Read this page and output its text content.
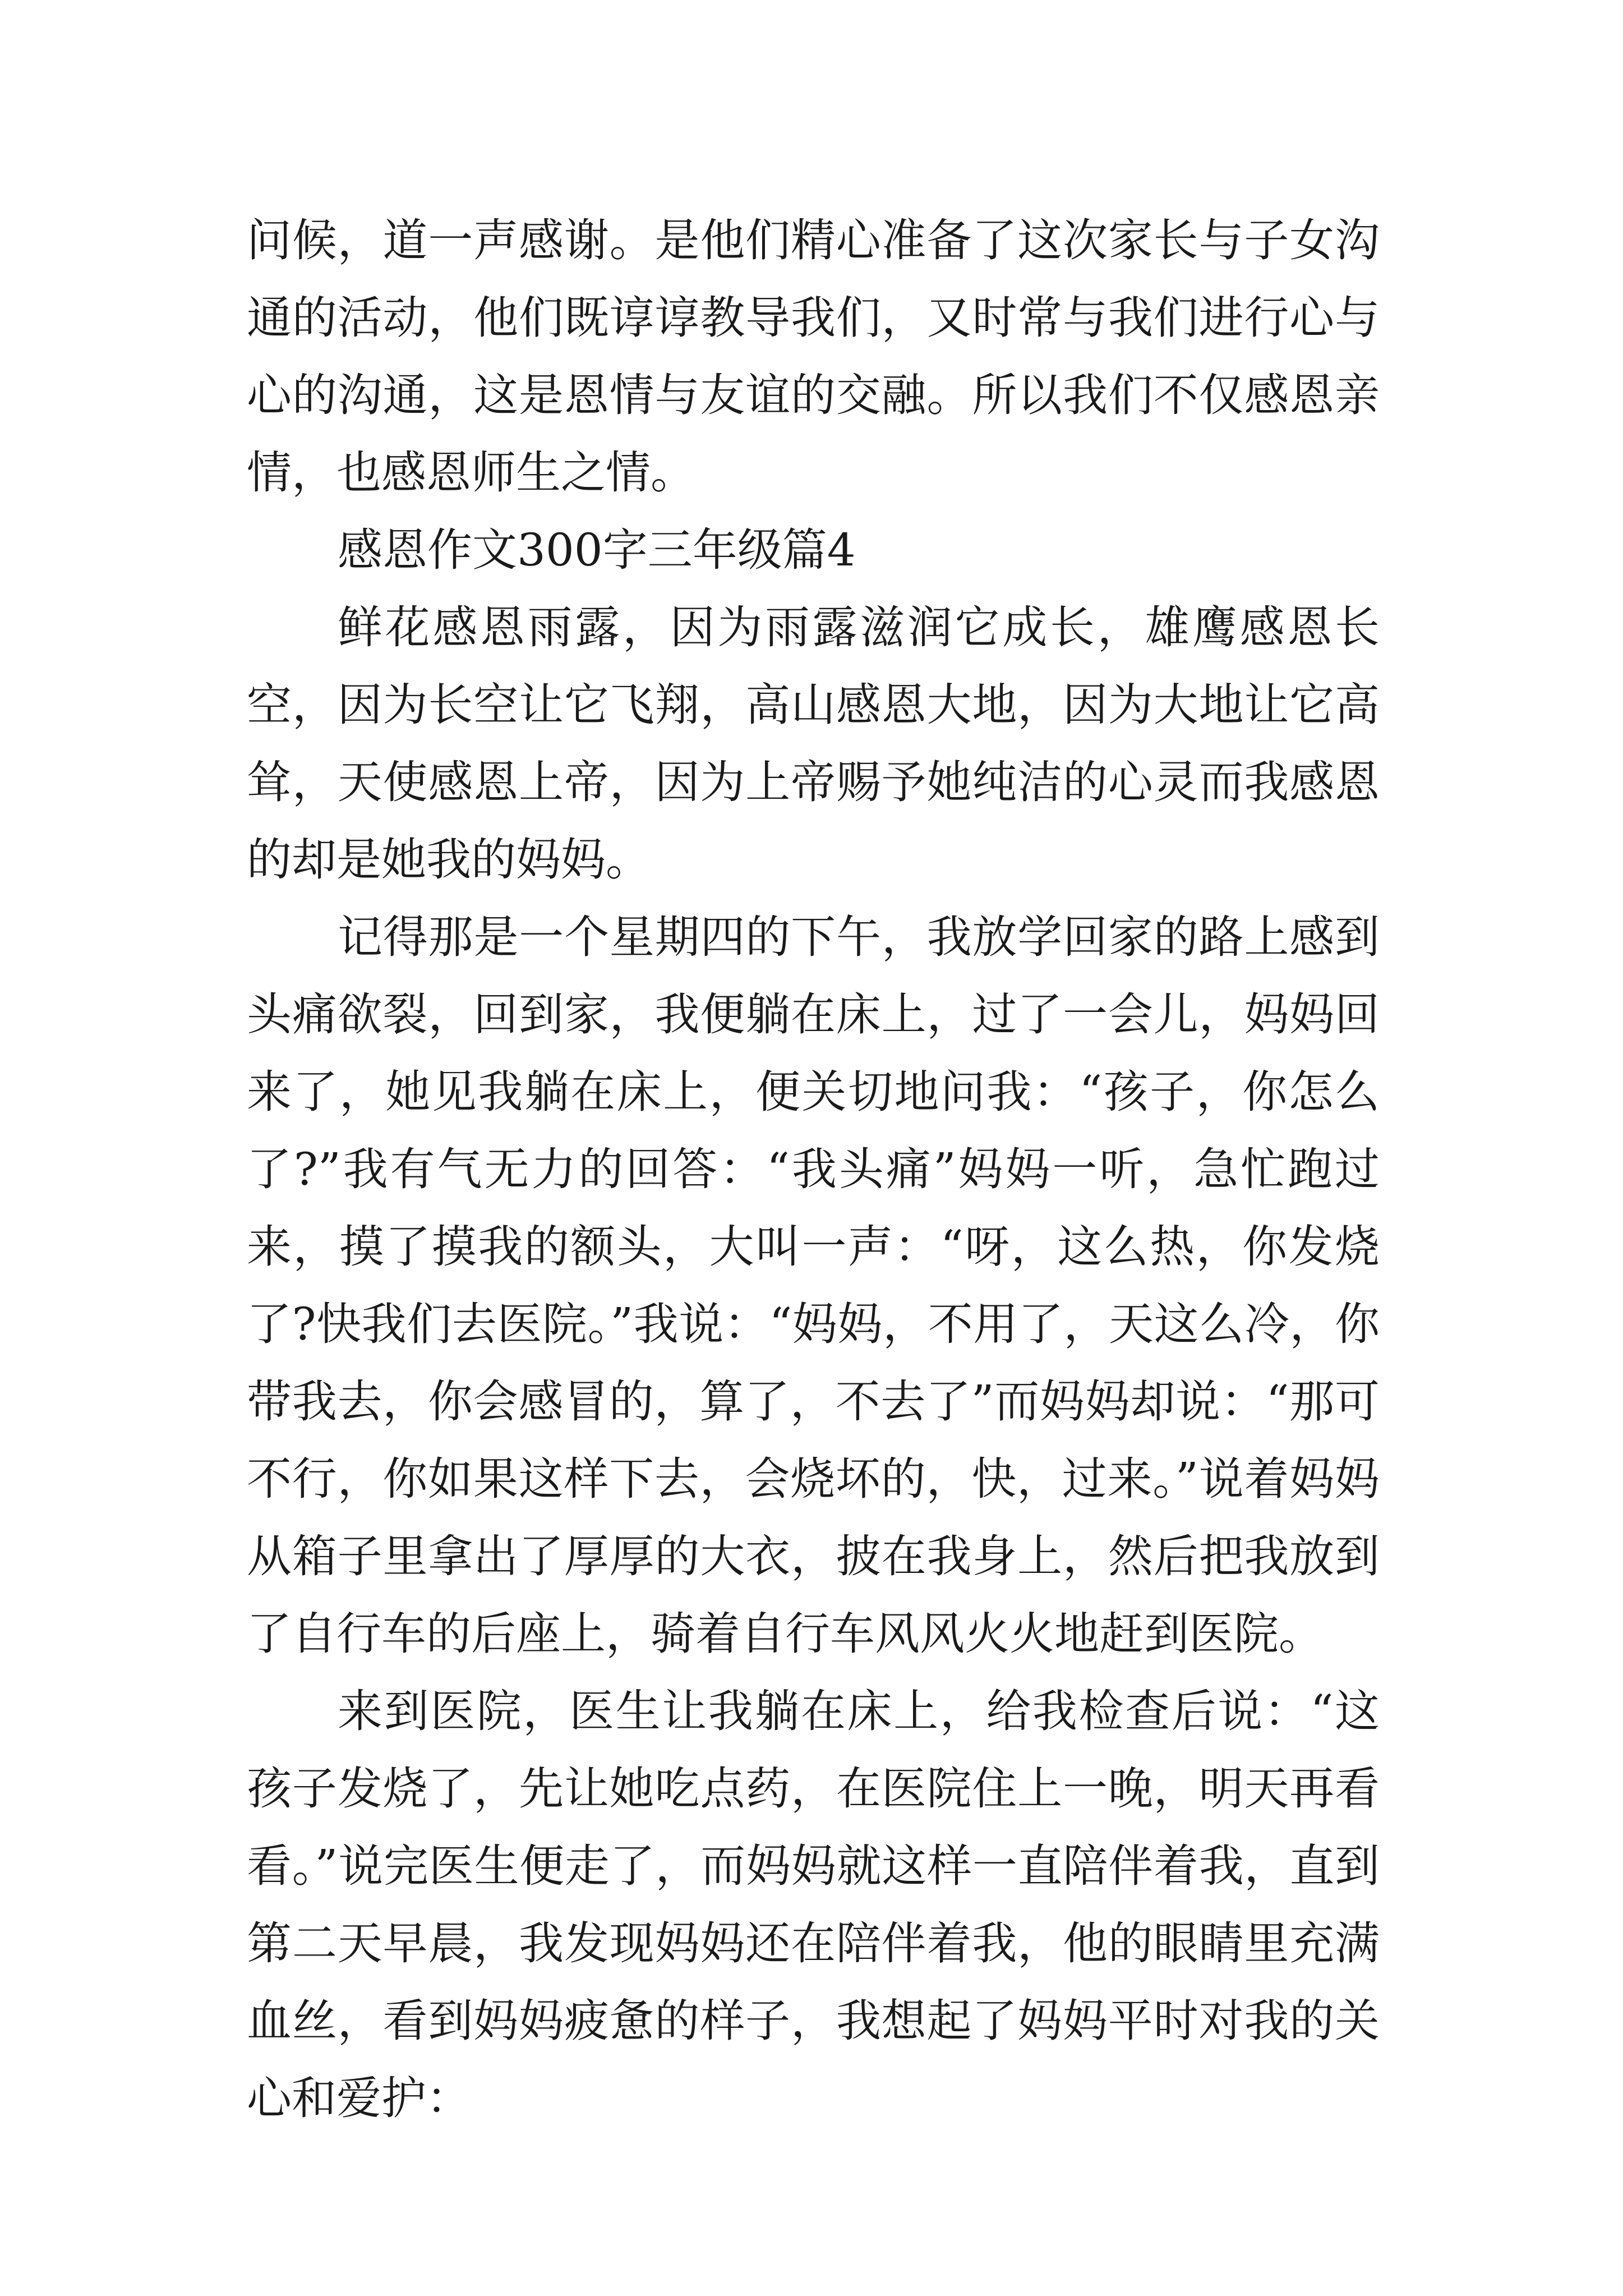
问候，道一声感谢。是他们精心准备了这次家长与子女沟通的活动，他们既谆谆教导我们，又时常与我们进行心与心的沟通，这是恩情与友谊的交融。所以我们不仅感恩亲情，也感恩师生之情。

感恩作文300字三年级篇4

鲜花感恩雨露，因为雨露滋润它成长，雄鹰感恩长空，因为长空让它飞翔，高山感恩大地，因为大地让它高耸，天使感恩上帝，因为上帝赐予她纯洁的心灵而我感恩的却是她我的妈妈。

记得那是一个星期四的下午，我放学回家的路上感到头痛欲裂，回到家，我便躺在床上，过了一会儿，妈妈回来了，她见我躺在床上，便关切地问我：“孩子，你怎么了?”我有气无力的回答：“我头痛”妈妈一听，急忙跑过来，摸了摸我的额头，大叫一声：“呀，这么热，你发烧了?快我们去医院。”我说：“妈妈，不用了，天这么冷，你带我去，你会感冒的，算了，不去了”而妈妈却说：“那可不行，你如果这样下去，会烧坏的，快，过来。”说着妈妈从箱子里拿出了厚厚的大衣，披在我身上，然后把我放到了自行车的后座上，骑着自行车风风火火地赶到医院。

来到医院，医生让我躺在床上，给我检查后说：“这孩子发烧了，先让她吃点药，在医院住上一晚，明天再看看。”说完医生便走了，而妈妈就这样一直陪伴着我，直到第二天早晨，我发现妈妈还在陪伴着我，他的眼睛里充满血丝，看到妈妈疲惫的样子，我想起了妈妈平时对我的关心和爱护：
